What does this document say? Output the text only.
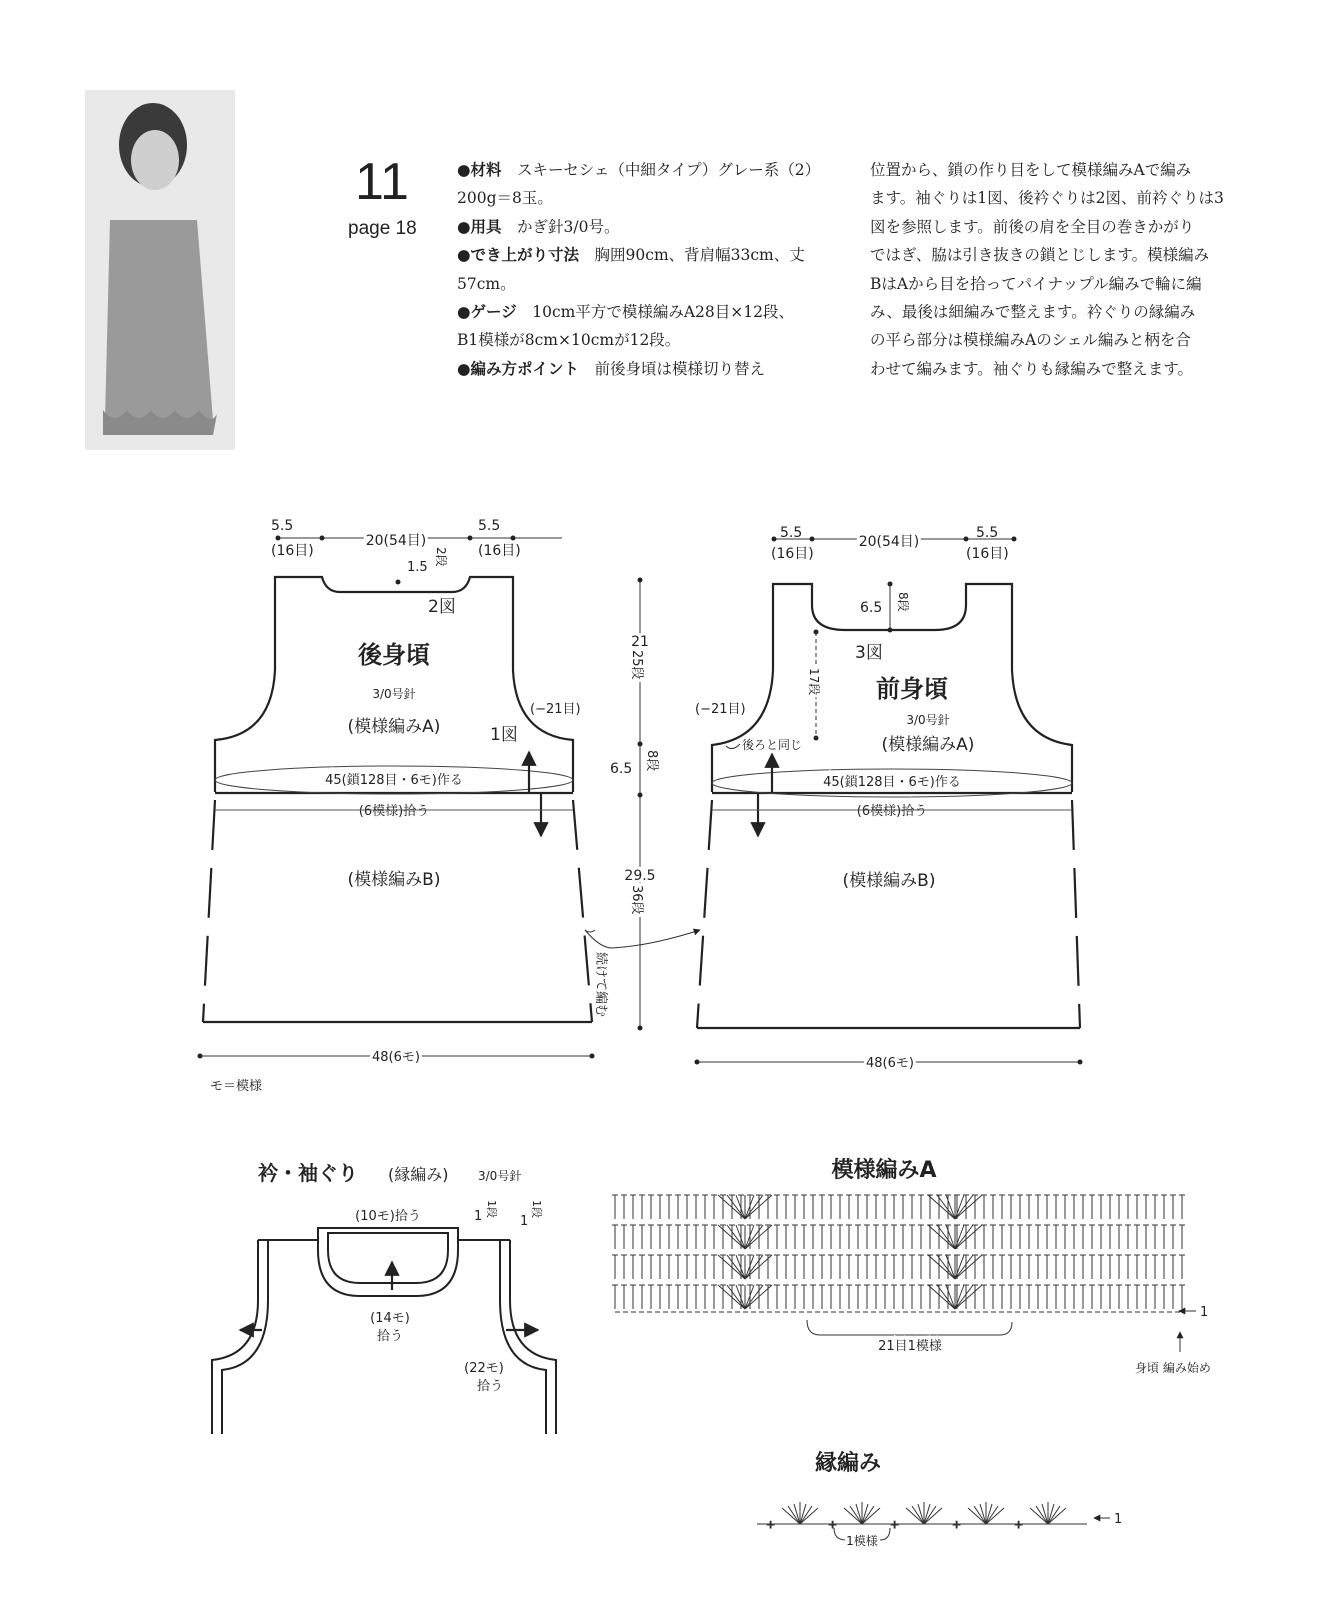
11
page 18

●材料　 スキーセシェ（中細タイプ）グレー系（2）

200g＝8玉。

●用具　 かぎ針3/0号。

●でき上がり寸法　 胸囲90cm、背肩幅33cm、丈

57cm。

●ゲージ　 10cm平方で模様編みA28目×12段、

B1模様が8cm×10cmが12段。

●編み方ポイント　 前後身頃は模様切り替え

位置から、鎖の作り目をして模様編みAで編み

ます。袖ぐりは1図、後衿ぐりは2図、前衿ぐりは3

図を参照します。前後の肩を全目の巻きかがり

ではぎ、脇は引き抜きの鎖とじします。模様編み

BはAから目を拾ってパイナップル編みで輪に編

み、最後は細編みで整えます。衿ぐりの縁編み

の平ら部分は模様編みAのシェル編みと柄を合

わせて編みます。袖ぐりも縁編みで整えます。

5.5
(16目)
20(54目)
5.5
(16目)
1.5
2段
2図
後身頃
3/0号針
(模様編みA)	1図
(−21目)
45(鎖128目・6モ)作る
(6模様)拾う
(模様編みB)
48(6モ)
モ＝模様
21
25段
6.5 8段
29.5
36段
続けて編む
5.5
(16目)
20(54目)
5.5
(16目)
6.5 8段
3図
17段 前身頃
3/0号針
(模様編みA)
(−21目)
後ろと同じ
45(鎖128目・6モ)作る
(6模様)拾う
(模様編みB)
48(6モ)
衿・袖ぐり (縁編み) 3/0号針
(10モ)拾う	1 1段
1
1段
(14モ)
拾う
(22モ)
拾う
模様編みA
21目1模様
1
身頃 編み始め
縁編み
+	+	+	+	+
1模様
1
